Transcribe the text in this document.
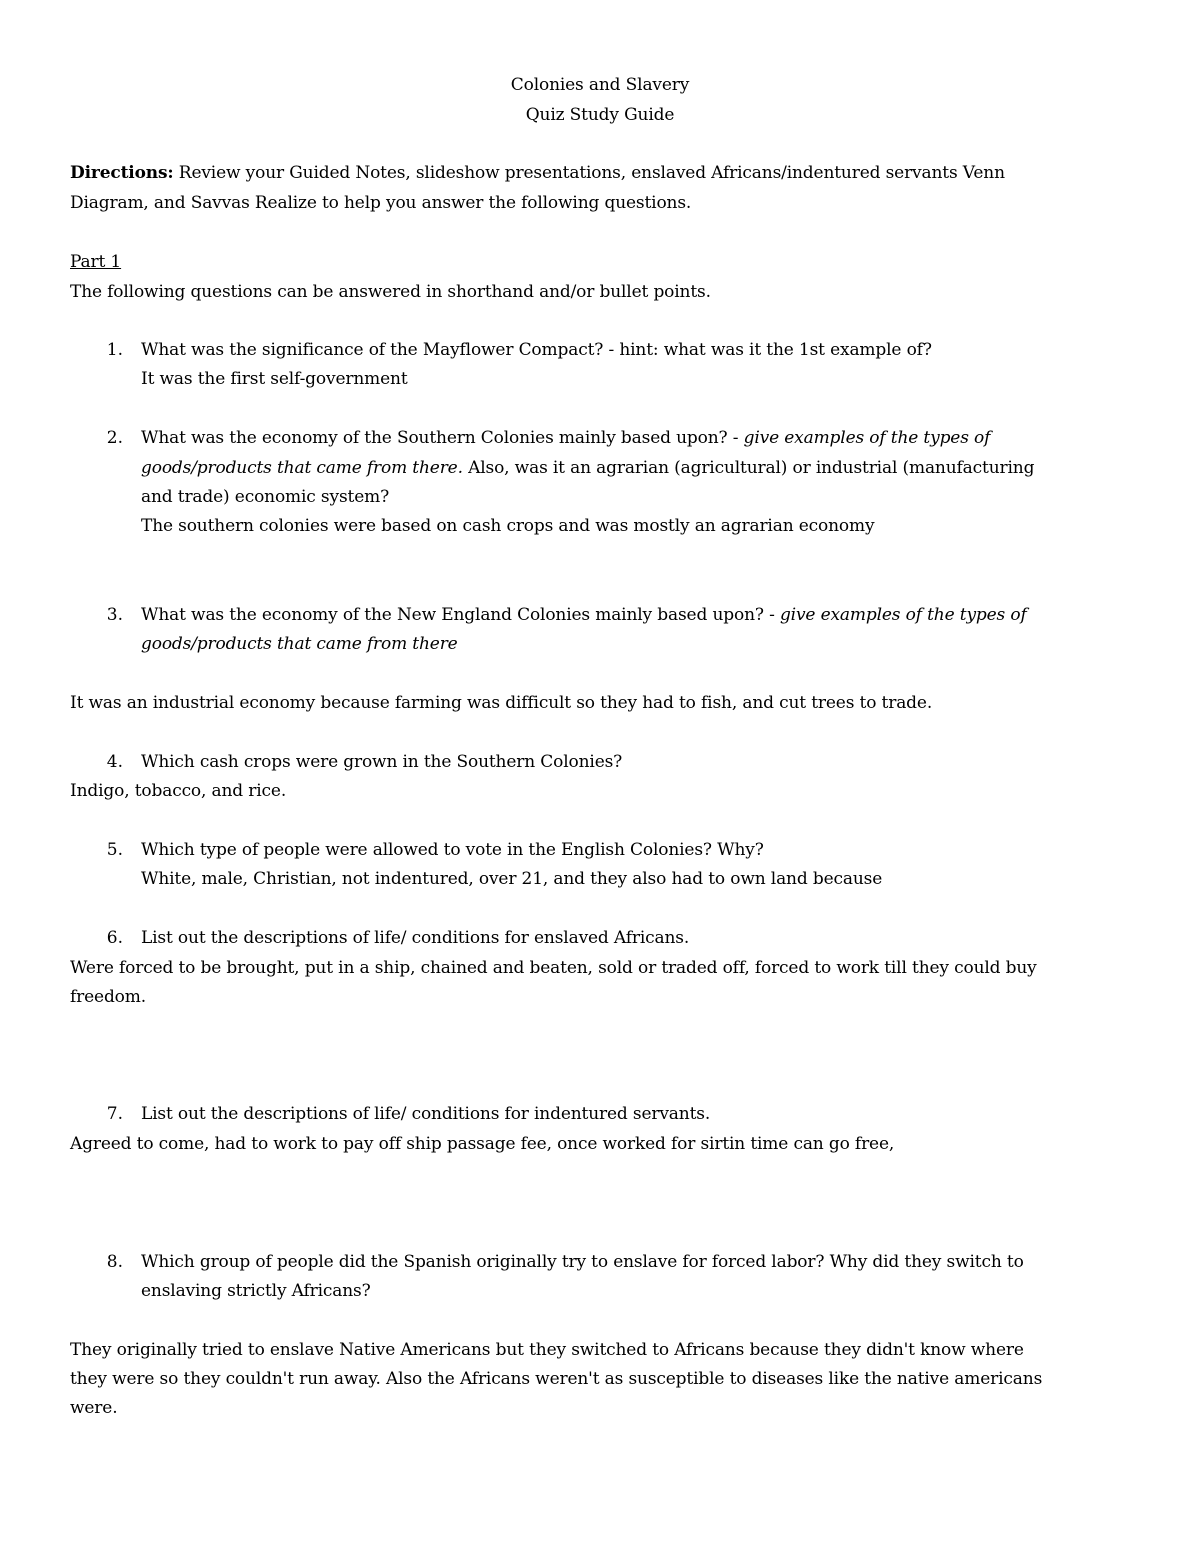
Colonies and Slavery

Quiz Study Guide

Directions: Review your Guided Notes, slideshow presentations, enslaved Africans/indentured servants Venn

Diagram, and Savvas Realize to help you answer the following questions.

Part 1

The following questions can be answered in shorthand and/or bullet points.

1. What was the significance of the Mayflower Compact? - hint: what was it the 1st example of?

It was the first self-government

2. What was the economy of the Southern Colonies mainly based upon? - give examples of the types of

goods/products that came from there. Also, was it an agrarian (agricultural) or industrial (manufacturing

and trade) economic system?

The southern colonies were based on cash crops and was mostly an agrarian economy

3. What was the economy of the New England Colonies mainly based upon? - give examples of the types of

goods/products that came from there

It was an industrial economy because farming was difficult so they had to fish, and cut trees to trade.

4. Which cash crops were grown in the Southern Colonies?

Indigo, tobacco, and rice.

5. Which type of people were allowed to vote in the English Colonies? Why?

White, male, Christian, not indentured, over 21, and they also had to own land because

6. List out the descriptions of life/ conditions for enslaved Africans.

Were forced to be brought, put in a ship, chained and beaten, sold or traded off, forced to work till they could buy

freedom.

7. List out the descriptions of life/ conditions for indentured servants.

Agreed to come, had to work to pay off ship passage fee, once worked for sirtin time can go free,

8. Which group of people did the Spanish originally try to enslave for forced labor? Why did they switch to

enslaving strictly Africans?

They originally tried to enslave Native Americans but they switched to Africans because they didn't know where

they were so they couldn't run away. Also the Africans weren't as susceptible to diseases like the native americans

were.
